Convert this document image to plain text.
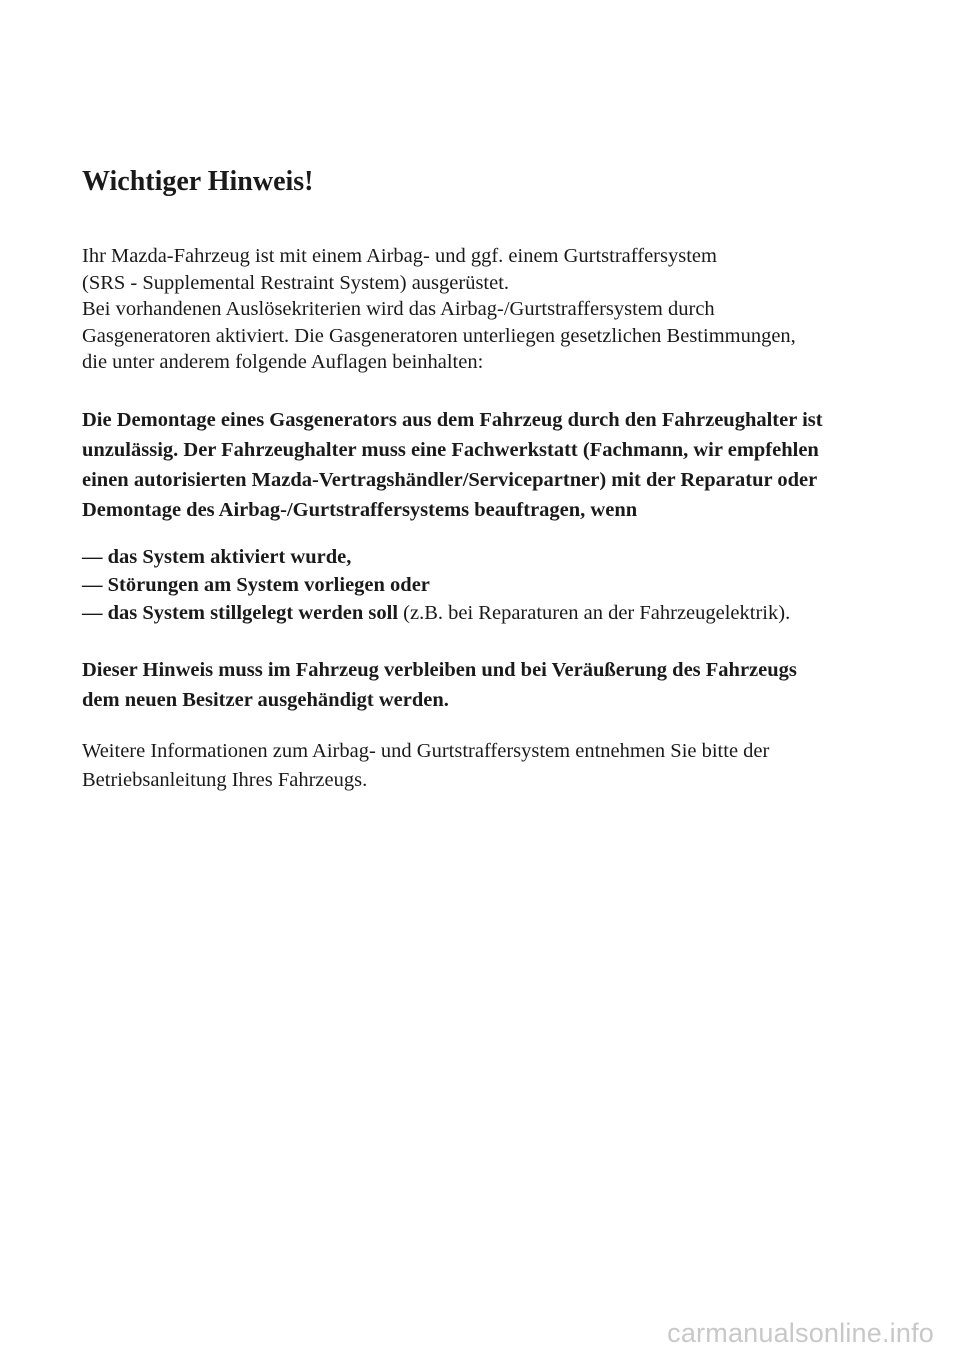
Wichtiger Hinweis!

Ihr Mazda-Fahrzeug ist mit einem Airbag- und ggf. einem Gurtstraffersystem
(SRS - Supplemental Restraint System) ausgerüstet.
Bei vorhandenen Auslösekriterien wird das Airbag-/Gurtstraffersystem durch
Gasgeneratoren aktiviert. Die Gasgeneratoren unterliegen gesetzlichen Bestimmungen,
die unter anderem folgende Auflagen beinhalten:

Die Demontage eines Gasgenerators aus dem Fahrzeug durch den Fahrzeughalter ist
unzulässig. Der Fahrzeughalter muss eine Fachwerkstatt (Fachmann, wir empfehlen
einen autorisierten Mazda-Vertragshändler/Servicepartner) mit der Reparatur oder
Demontage des Airbag-/Gurtstraffersystems beauftragen, wenn

— das System aktiviert wurde,
— Störungen am System vorliegen oder
— das System stillgelegt werden soll (z.B. bei Reparaturen an der Fahrzeugelektrik).

Dieser Hinweis muss im Fahrzeug verbleiben und bei Veräußerung des Fahrzeugs
dem neuen Besitzer ausgehändigt werden.

Weitere Informationen zum Airbag- und Gurtstraffersystem entnehmen Sie bitte der
Betriebsanleitung Ihres Fahrzeugs.

carmanualsonline.info
